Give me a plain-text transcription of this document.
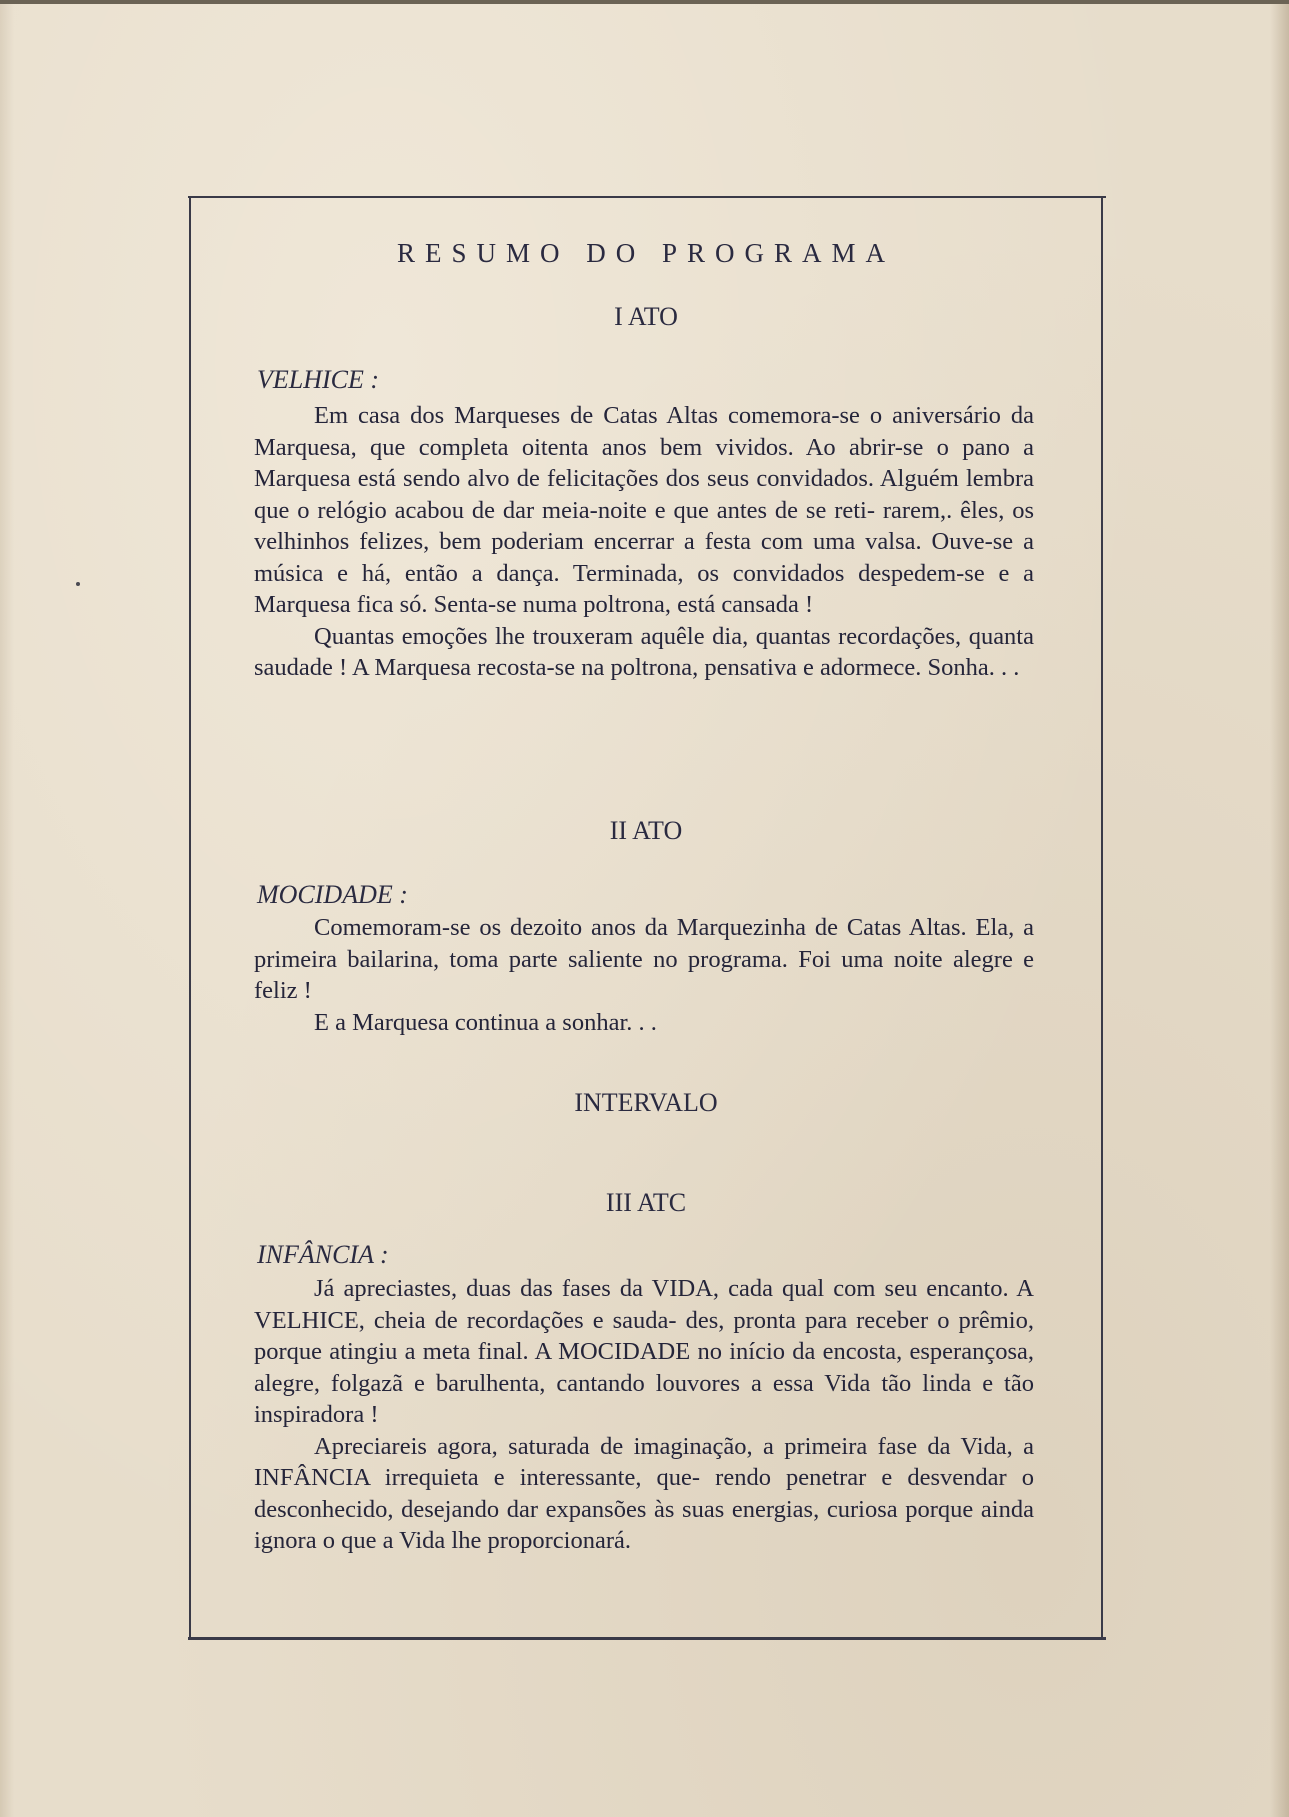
RESUMO DO PROGRAMA
I ATO
VELHICE :

Em casa dos Marqueses de Catas Altas comemora-se o aniversário da Marquesa, que completa oitenta anos bem vividos. Ao abrir-se o pano a Marquesa está sendo alvo de felicitações dos seus convidados. Alguém lembra que o relógio acabou de dar meia-noite e que antes de se reti- rarem,. êles, os velhinhos felizes, bem poderiam encerrar a festa com uma valsa. Ouve-se a música e há, então a dança. Terminada, os convidados despedem-se e a Marquesa fica só. Senta-se numa poltrona, está cansada !

Quantas emoções lhe trouxeram aquêle dia, quantas recordações, quanta saudade ! A Marquesa recosta-se na poltrona, pensativa e adormece. Sonha. . .

II ATO
MOCIDADE :

Comemoram-se os dezoito anos da Marquezinha de Catas Altas. Ela, a primeira bailarina, toma parte saliente no programa. Foi uma noite alegre e feliz !

E a Marquesa continua a sonhar. . .

INTERVALO
III ATC
INFÂNCIA :

Já apreciastes, duas das fases da VIDA, cada qual com seu encanto. A VELHICE, cheia de recordações e sauda- des, pronta para receber o prêmio, porque atingiu a meta final. A MOCIDADE no início da encosta, esperançosa, alegre, folgazã e barulhenta, cantando louvores a essa Vida tão linda e tão inspiradora !

Apreciareis agora, saturada de imaginação, a primeira fase da Vida, a INFÂNCIA irrequieta e interessante, que- rendo penetrar e desvendar o desconhecido, desejando dar expansões às suas energias, curiosa porque ainda ignora o que a Vida lhe proporcionará.
